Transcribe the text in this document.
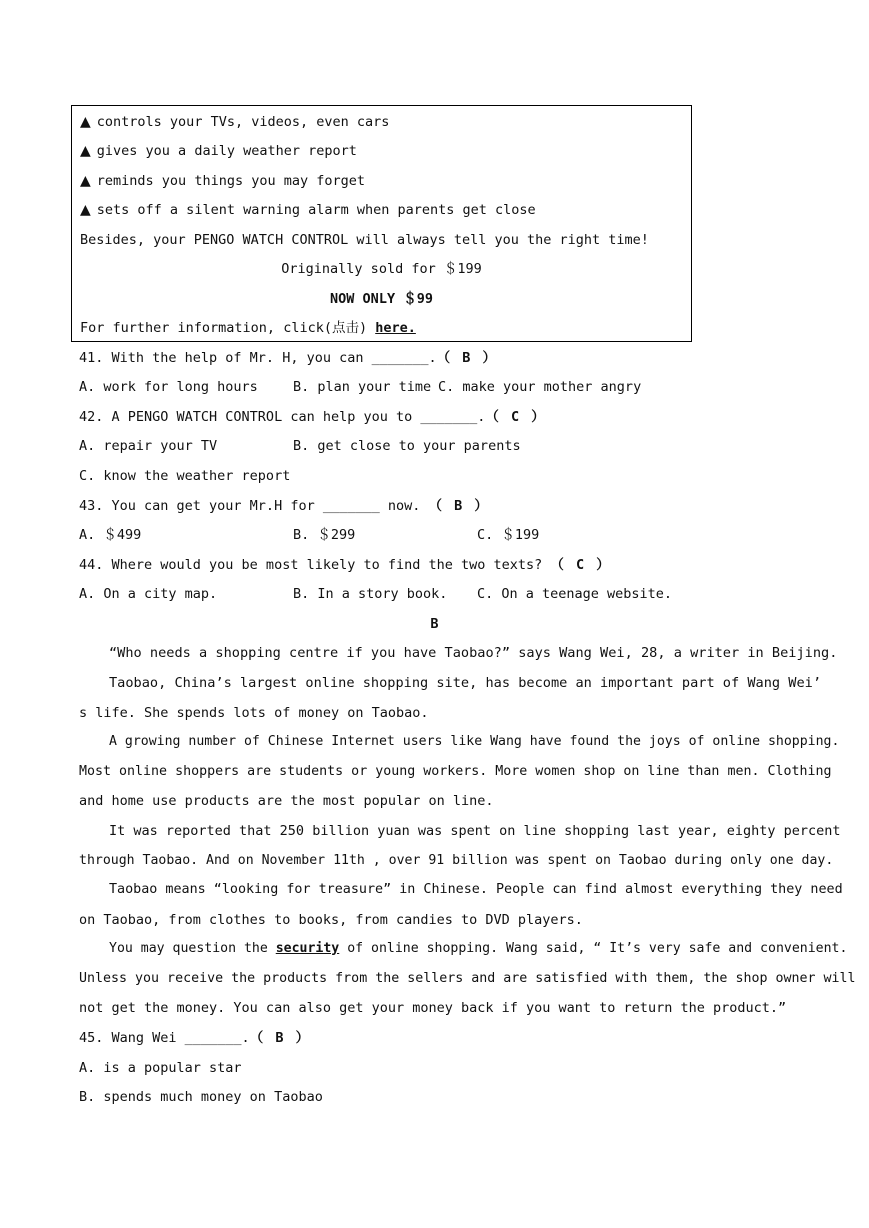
▲ controls your TVs, videos, even cars
▲ gives you a daily weather report
▲ reminds you things you may forget
▲ sets off a silent warning alarm when parents get close
Besides, your PENGO WATCH CONTROL will always tell you the right time!
Originally sold for ＄199
NOW ONLY ＄99
For further information, click(点击) here.
41. With the help of Mr. H, you can _______.（ B ）
A. work for long hours	B. plan your time C. make your mother angry
42. A PENGO WATCH CONTROL can help you to _______.（ C ）
A. repair your TV	B. get close to your parents
C. know the weather report
43. You can get your Mr.H for _______ now. （ B ）
A. ＄499	B. ＄299	C. ＄199
44. Where would you be most likely to find the two texts? （ C ）
A. On a city map.	B. In a story book. C. On a teenage website.
B
“Who needs a shopping centre if you have Taobao?” says Wang Wei, 28, a writer in Beijing.
Taobao, China’s largest online shopping site, has become an important part of Wang Wei’
s life. She spends lots of money on Taobao.
A growing number of Chinese Internet users like Wang have found the joys of online shopping.
Most online shoppers are students or young workers. More women shop on line than men. Clothing
and home use products are the most popular on line.
It was reported that 250 billion yuan was spent on line shopping last year, eighty percent
through Taobao. And on November 11th , over 91 billion was spent on Taobao during only one day.
Taobao means “looking for treasure” in Chinese. People can find almost everything they need
on Taobao, from clothes to books, from candies to DVD players.
You may question the security of online shopping. Wang said, “ It’s very safe and convenient.
Unless you receive the products from the sellers and are satisfied with them, the shop owner will
not get the money. You can also get your money back if you want to return the product.”
45. Wang Wei _______.（ B ）
A. is a popular star
B. spends much money on Taobao
